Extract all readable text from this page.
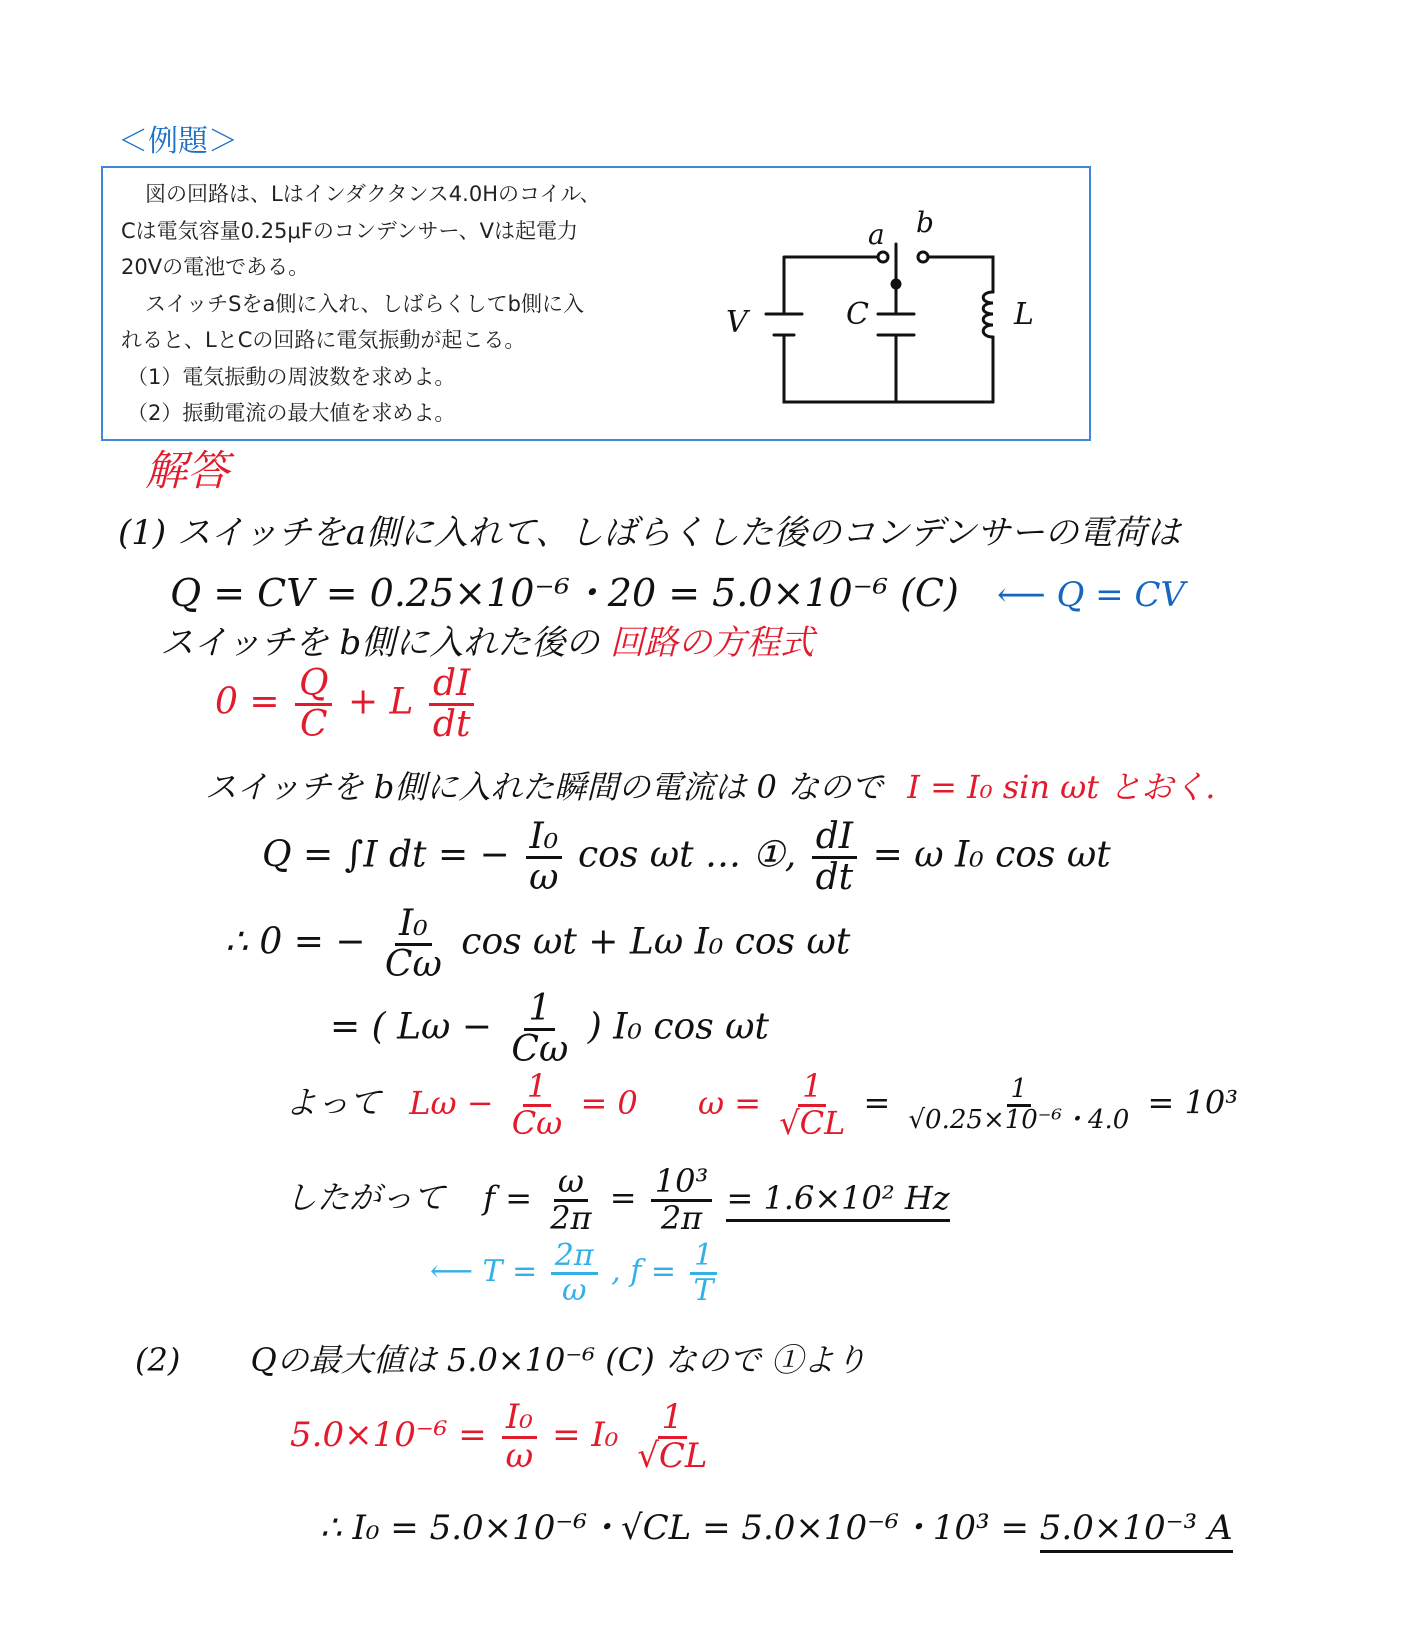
＜例題＞

図の回路は、Lはインダクタンス4.0Hのコイル、

Cは電気容量0.25μFのコンデンサー、Vは起電力

20Vの電池である。

スイッチSをa側に入れ、しばらくしてb側に入

れると、LとCの回路に電気振動が起こる。

（1）電気振動の周波数を求めよ。

（2）振動電流の最大値を求めよ。

a b
V	C	L

解答

(1) スイッチをa側に入れて、しばらくした後のコンデンサーの電荷は

Q = CV = 0.25×10⁻⁶・20 = 5.0×10⁻⁶ (C) ⟵ Q = CV
スイッチを b側に入れた後の 回路の方程式
$0 = \frac{Q}{C} + L \frac{dI}{dt}$
スイッチを b側に入れた瞬間の電流は 0 なので I = I₀ sin ωt とおく.
Q = ∫I dt = − $\frac{\text{I₀}}{\omega}$ cos ωt … ①, $\frac{dI}{dt} = \omega$ I₀ cos ωt
∴ 0 = − $\frac{\text{I₀}}{C\omega}$ cos ωt + Lω I₀ cos ωt
= ( $L\omega - \frac{1}{C\omega}$ ) I₀ cos ωt
よって $L\omega - \frac{1}{C\omega} = 0$ $\omega = \frac{1}{√CL} = \frac{1}{\text{√0.25×10⁻⁶・4.0}} = 10^3$
したがって $f = \frac{\omega}{2\pi} = \frac{\text{10³}}{2\pi} = 1.6\times 10^2$ Hz
⟵ $T = \frac{2\pi}{\omega}$ , $f = \frac{1}{T}$
(2) Qの最大値は 5.0×10⁻⁶ (C) なので ①より
$5.0\times 10^{-6} = \frac{\text{I₀}}{\omega} = I_0 \frac{1}{√CL}$
∴ I₀ = 5.0×10⁻⁶・√CL = 5.0×10⁻⁶・10³ = 5.0×10⁻³ A
